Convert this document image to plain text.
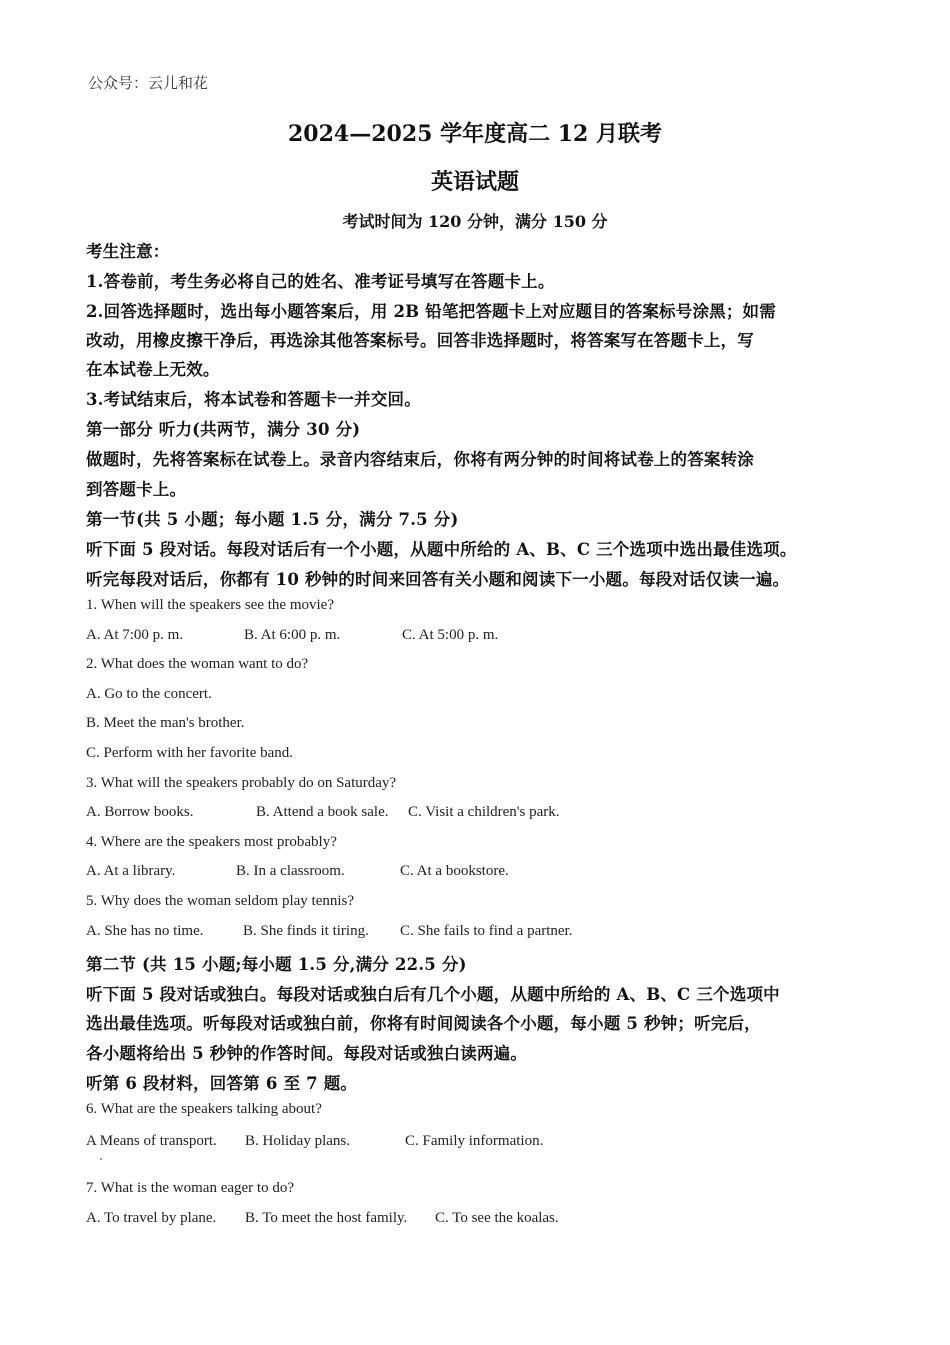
公众号：云儿和花
2024—2025 学年度高二 12 月联考
英语试题
考试时间为 120 分钟，满分 150 分
考生注意：
1.答卷前，考生务必将自己的姓名、准考证号填写在答题卡上。
2.回答选择题时，选出每小题答案后，用 2B 铅笔把答题卡上对应题目的答案标号涂黑；如需
改动，用橡皮擦干净后，再选涂其他答案标号。回答非选择题时，将答案写在答题卡上，写
在本试卷上无效。
3.考试结束后，将本试卷和答题卡一并交回。
第一部分 听力(共两节，满分 30 分)
做题时，先将答案标在试卷上。录音内容结束后，你将有两分钟的时间将试卷上的答案转涂
到答题卡上。
第一节(共 5 小题；每小题 1.5 分，满分 7.5 分)
听下面 5 段对话。每段对话后有一个小题，从题中所给的 A、B、C 三个选项中选出最佳选项。
听完每段对话后，你都有 10 秒钟的时间来回答有关小题和阅读下一小题。每段对话仅读一遍。
1. When will the speakers see the movie?
A. At 7:00 p. m.	B. At 6:00 p. m.	C. At 5:00 p. m.
2. What does the woman want to do?
A. Go to the concert.
B. Meet the man's brother.
C. Perform with her favorite band.
3. What will the speakers probably do on Saturday?
A. Borrow books.	B. Attend a book sale. C. Visit a children's park.
4. Where are the speakers most probably?
A. At a library.	B. In a classroom.	C. At a bookstore.
5. Why does the woman seldom play tennis?
A. She has no time.	B. She finds it tiring. C. She fails to find a partner.
第二节 (共 15 小题;每小题 1.5 分,满分 22.5 分)
听下面 5 段对话或独白。每段对话或独白后有几个小题，从题中所给的 A、B、C 三个选项中
选出最佳选项。听每段对话或独白前，你将有时间阅读各个小题，每小题 5 秒钟；听完后，
各小题将给出 5 秒钟的作答时间。每段对话或独白读两遍。
听第 6 段材料，回答第 6 至 7 题。
6. What are the speakers talking about?
A Means of transport. B. Holiday plans.	C. Family information.
7. What is the woman eager to do?
A. To travel by plane. B. To meet the host family. C. To see the koalas.
